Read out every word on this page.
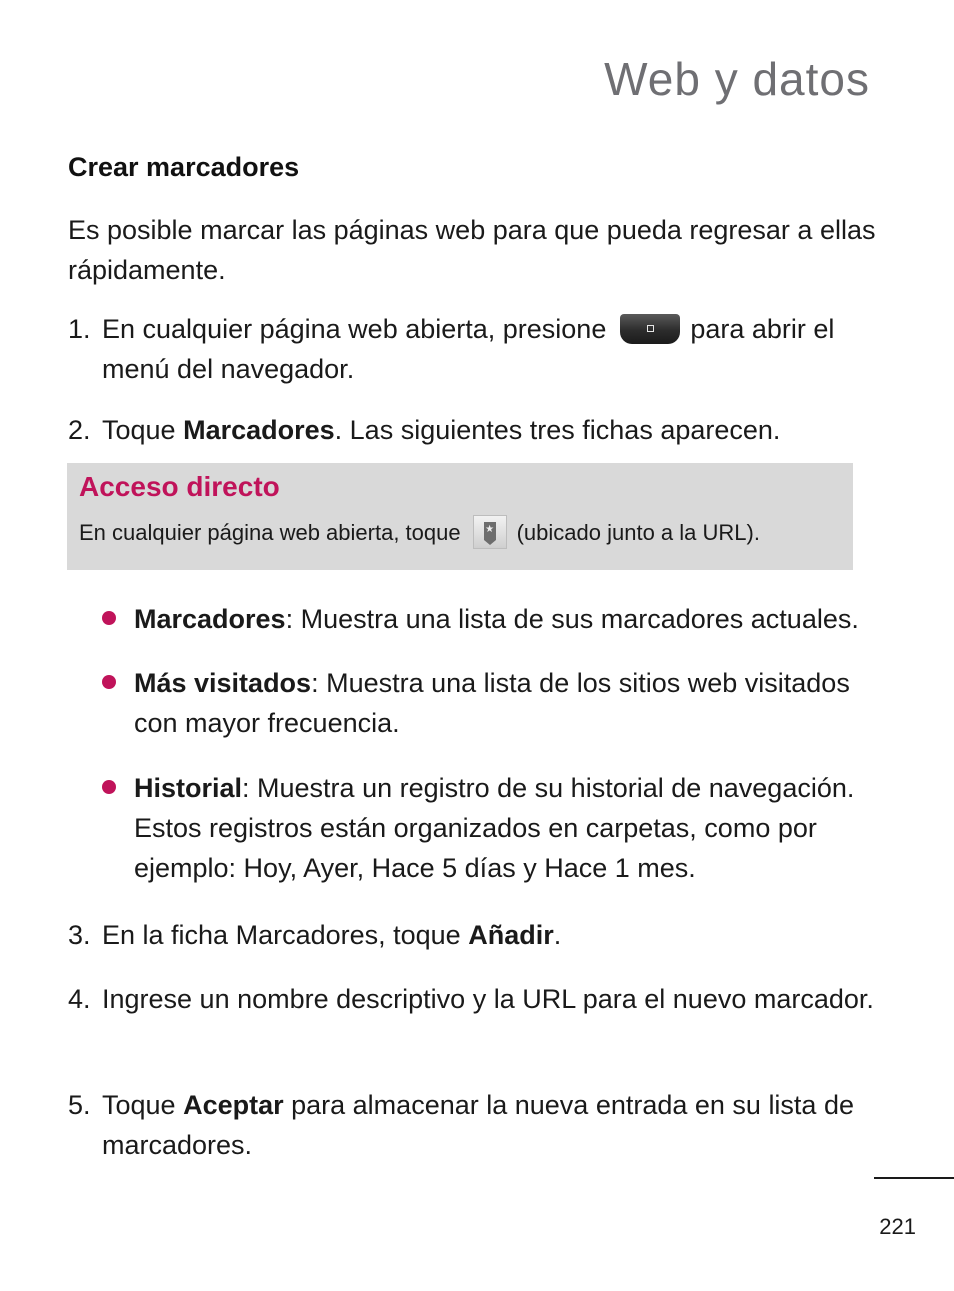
Web y datos
Crear marcadores
Es posible marcar las páginas web para que pueda regresar a ellas rápidamente.
1. En cualquier página web abierta, presione	para abrir el menú del navegador.
2. Toque Marcadores. Las siguientes tres fichas aparecen.
Acceso directo
En cualquier página web abierta, toque ★ (ubicado junto a la URL).
Marcadores: Muestra una lista de sus marcadores actuales.
Más visitados: Muestra una lista de los sitios web visitados con mayor frecuencia.
Historial: Muestra un registro de su historial de navegación. Estos registros están organizados en carpetas, como por ejemplo: Hoy, Ayer, Hace 5 días y Hace 1 mes.
3. En la ficha Marcadores, toque Añadir.
4. Ingrese un nombre descriptivo y la URL para el nuevo marcador.
5. Toque Aceptar para almacenar la nueva entrada en su lista de marcadores.
221
